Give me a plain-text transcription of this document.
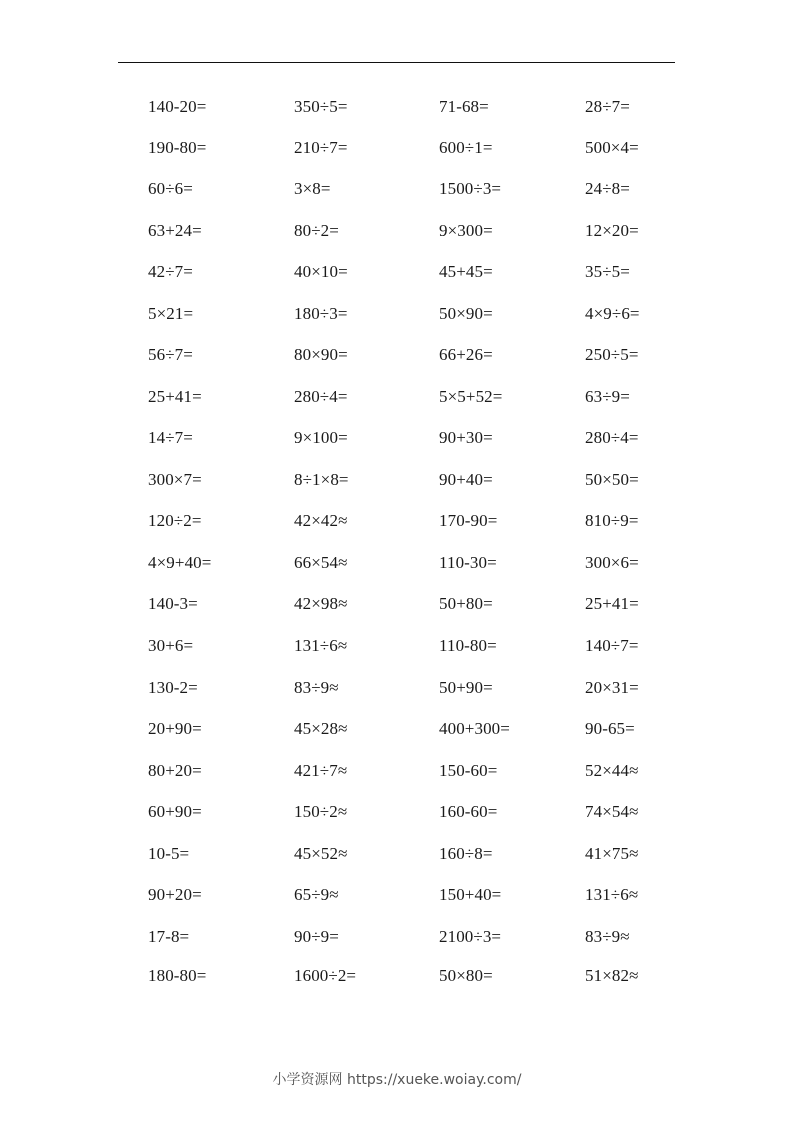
140-20=	350÷5=	71-68=	28÷7=
190-80=	210÷7=	600÷1=	500×4=
60÷6=	3×8=	1500÷3=	24÷8=
63+24=	80÷2=	9×300=	12×20=
42÷7=	40×10=	45+45=	35÷5=
5×21=	180÷3=	50×90=	4×9÷6=
56÷7=	80×90=	66+26=	250÷5=
25+41=	280÷4=	5×5+52=	63÷9=
14÷7=	9×100=	90+30=	280÷4=
300×7=	8÷1×8=	90+40=	50×50=
120÷2=	42×42≈	170-90=	810÷9=
4×9+40=	66×54≈	110-30=	300×6=
140-3=	42×98≈	50+80=	25+41=
30+6=	131÷6≈	110-80=	140÷7=
130-2=	83÷9≈	50+90=	20×31=
20+90=	45×28≈	400+300=	90-65=
80+20=	421÷7≈	150-60=	52×44≈
60+90=	150÷2≈	160-60=	74×54≈
10-5=	45×52≈	160÷8=	41×75≈
90+20=	65÷9≈	150+40=	131÷6≈
17-8=	90÷9=	2100÷3=	83÷9≈
180-80=	1600÷2=	50×80=	51×82≈
小学资源网 https://xueke.woiay.com/
